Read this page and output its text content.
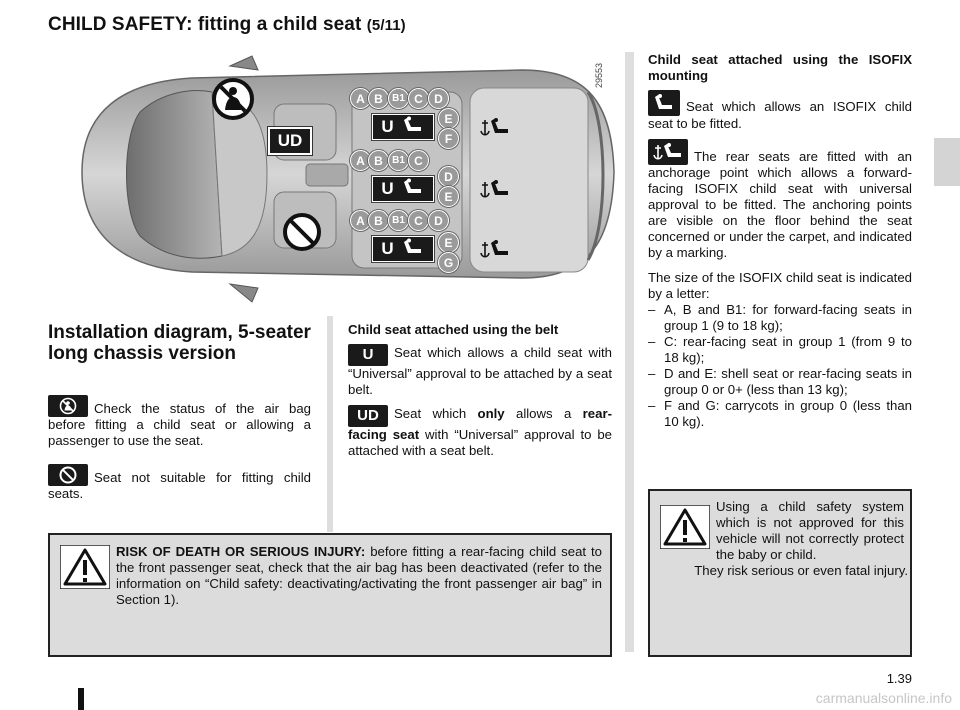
CHILD SAFETY: fitting a child seat (5/11)
29553
UD
A B B1 C D
U	E
F
A B B1 C
U
D
E
A B B1 C D
U	E
G
Installation diagram, 5-seater long chassis version
Check the status of the air bag before fitting a child seat or allowing a passenger to use the seat.
Seat not suitable for fitting child seats.
Child seat attached using the belt
U Seat which allows a child seat with “Universal” approval to be attached by a seat belt.
UD Seat which only allows a rear-facing seat with “Universal” approval to be attached with a seat belt.
Child seat attached using the ISOFIX mounting
Seat which allows an ISOFIX child seat to be fitted.
The rear seats are fitted with an anchorage point which allows a forward-facing ISOFIX child seat with universal approval to be fitted. The anchoring points are visible on the floor behind the seat concerned or under the carpet, and indicated by a marking.
The size of the ISOFIX child seat is indicated by a letter:
– A, B and B1: for forward-facing seats in group 1 (9 to 18 kg);
– C: rear-facing seat in group 1 (from 9 to 18 kg);
– D and E: shell seat or rear-facing seats in group 0 or 0+ (less than 13 kg);
– F and G: carrycots in group 0 (less than 10 kg).
Using a child safety system which is not approved for this vehicle will not correctly protect the baby or child.
They risk serious or even fatal injury.
RISK OF DEATH OR SERIOUS INJURY: before fitting a rear-facing child seat to the front passenger seat, check that the air bag has been deactivated (refer to the information on “Child safety: deactivating/activating the front passenger air bag” in Section 1).
1.39
carmanualsonline.info
